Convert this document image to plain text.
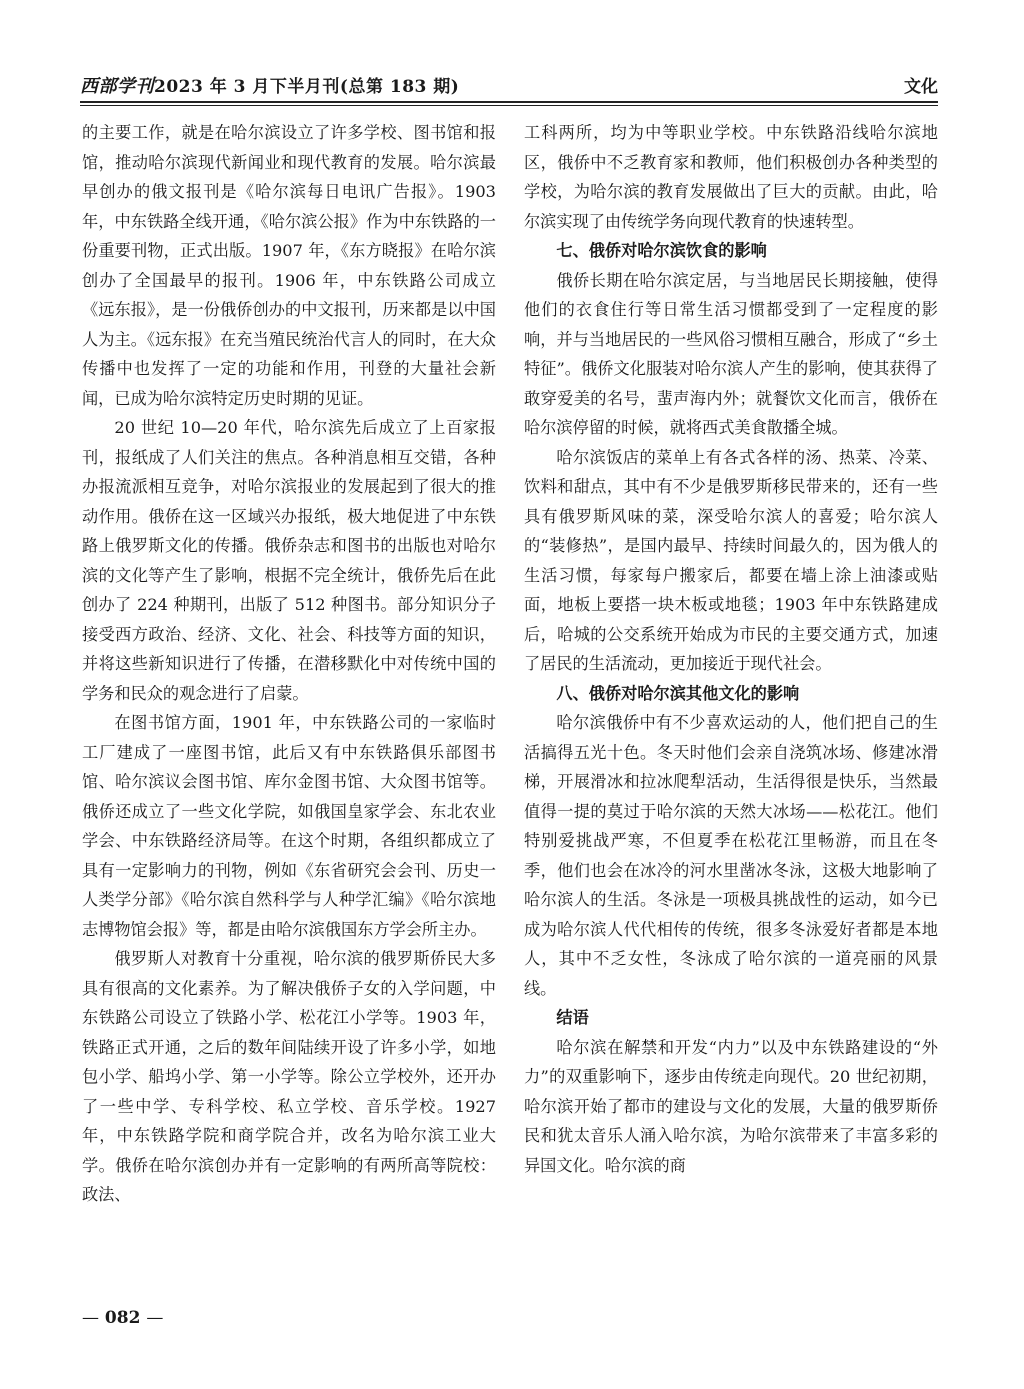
西部学刊2023 年 3 月下半月刊(总第 183 期)	文化

的主要工作，就是在哈尔滨设立了许多学校、图书馆和报馆，推动哈尔滨现代新闻业和现代教育的发展。哈尔滨最早创办的俄文报刊是《哈尔滨每日电讯广告报》。1903 年，中东铁路全线开通，《哈尔滨公报》作为中东铁路的一份重要刊物，正式出版。1907 年，《东方晓报》在哈尔滨创办了全国最早的报刊。1906 年，中东铁路公司成立《远东报》，是一份俄侨创办的中文报刊，历来都是以中国人为主。《远东报》在充当殖民统治代言人的同时，在大众传播中也发挥了一定的功能和作用，刊登的大量社会新闻，已成为哈尔滨特定历史时期的见证。

20 世纪 10—20 年代，哈尔滨先后成立了上百家报刊，报纸成了人们关注的焦点。各种消息相互交错，各种办报流派相互竞争，对哈尔滨报业的发展起到了很大的推动作用。俄侨在这一区域兴办报纸，极大地促进了中东铁路上俄罗斯文化的传播。俄侨杂志和图书的出版也对哈尔滨的文化等产生了影响，根据不完全统计，俄侨先后在此创办了 224 种期刊，出版了 512 种图书。部分知识分子接受西方政治、经济、文化、社会、科技等方面的知识，并将这些新知识进行了传播，在潜移默化中对传统中国的学务和民众的观念进行了启蒙。

在图书馆方面，1901 年，中东铁路公司的一家临时工厂建成了一座图书馆，此后又有中东铁路俱乐部图书馆、哈尔滨议会图书馆、库尔金图书馆、大众图书馆等。俄侨还成立了一些文化学院，如俄国皇家学会、东北农业学会、中东铁路经济局等。在这个时期，各组织都成立了具有一定影响力的刊物，例如《东省研究会会刊、历史一人类学分部》《哈尔滨自然科学与人种学汇编》《哈尔滨地志博物馆会报》等，都是由哈尔滨俄国东方学会所主办。

俄罗斯人对教育十分重视，哈尔滨的俄罗斯侨民大多具有很高的文化素养。为了解决俄侨子女的入学问题，中东铁路公司设立了铁路小学、松花江小学等。1903 年，铁路正式开通，之后的数年间陆续开设了许多小学，如地包小学、船坞小学、第一小学等。除公立学校外，还开办了一些中学、专科学校、私立学校、音乐学校。1927 年，中东铁路学院和商学院合并，改名为哈尔滨工业大学。俄侨在哈尔滨创办并有一定影响的有两所高等院校：政法、

工科两所，均为中等职业学校。中东铁路沿线哈尔滨地区，俄侨中不乏教育家和教师，他们积极创办各种类型的学校，为哈尔滨的教育发展做出了巨大的贡献。由此，哈尔滨实现了由传统学务向现代教育的快速转型。

七、俄侨对哈尔滨饮食的影响

俄侨长期在哈尔滨定居，与当地居民长期接触，使得他们的衣食住行等日常生活习惯都受到了一定程度的影响，并与当地居民的一些风俗习惯相互融合，形成了“乡土特征”。俄侨文化服装对哈尔滨人产生的影响，使其获得了敢穿爱美的名号，蜚声海内外；就餐饮文化而言，俄侨在哈尔滨停留的时候，就将西式美食散播全城。

哈尔滨饭店的菜单上有各式各样的汤、热菜、冷菜、饮料和甜点，其中有不少是俄罗斯移民带来的，还有一些具有俄罗斯风味的菜，深受哈尔滨人的喜爱；哈尔滨人的“装修热”，是国内最早、持续时间最久的，因为俄人的生活习惯，每家每户搬家后，都要在墙上涂上油漆或贴面，地板上要搭一块木板或地毯；1903 年中东铁路建成后，哈城的公交系统开始成为市民的主要交通方式，加速了居民的生活流动，更加接近于现代社会。

八、俄侨对哈尔滨其他文化的影响

哈尔滨俄侨中有不少喜欢运动的人，他们把自己的生活搞得五光十色。冬天时他们会亲自浇筑冰场、修建冰滑梯，开展滑冰和拉冰爬犁活动，生活得很是快乐，当然最值得一提的莫过于哈尔滨的天然大冰场——松花江。他们特别爱挑战严寒，不但夏季在松花江里畅游，而且在冬季，他们也会在冰冷的河水里凿冰冬泳，这极大地影响了哈尔滨人的生活。冬泳是一项极具挑战性的运动，如今已成为哈尔滨人代代相传的传统，很多冬泳爱好者都是本地人，其中不乏女性，冬泳成了哈尔滨的一道亮丽的风景线。

结语

哈尔滨在解禁和开发“内力”以及中东铁路建设的“外力”的双重影响下，逐步由传统走向现代。20 世纪初期，哈尔滨开始了都市的建设与文化的发展，大量的俄罗斯侨民和犹太音乐人涌入哈尔滨，为哈尔滨带来了丰富多彩的异国文化。哈尔滨的商

— 082 —
